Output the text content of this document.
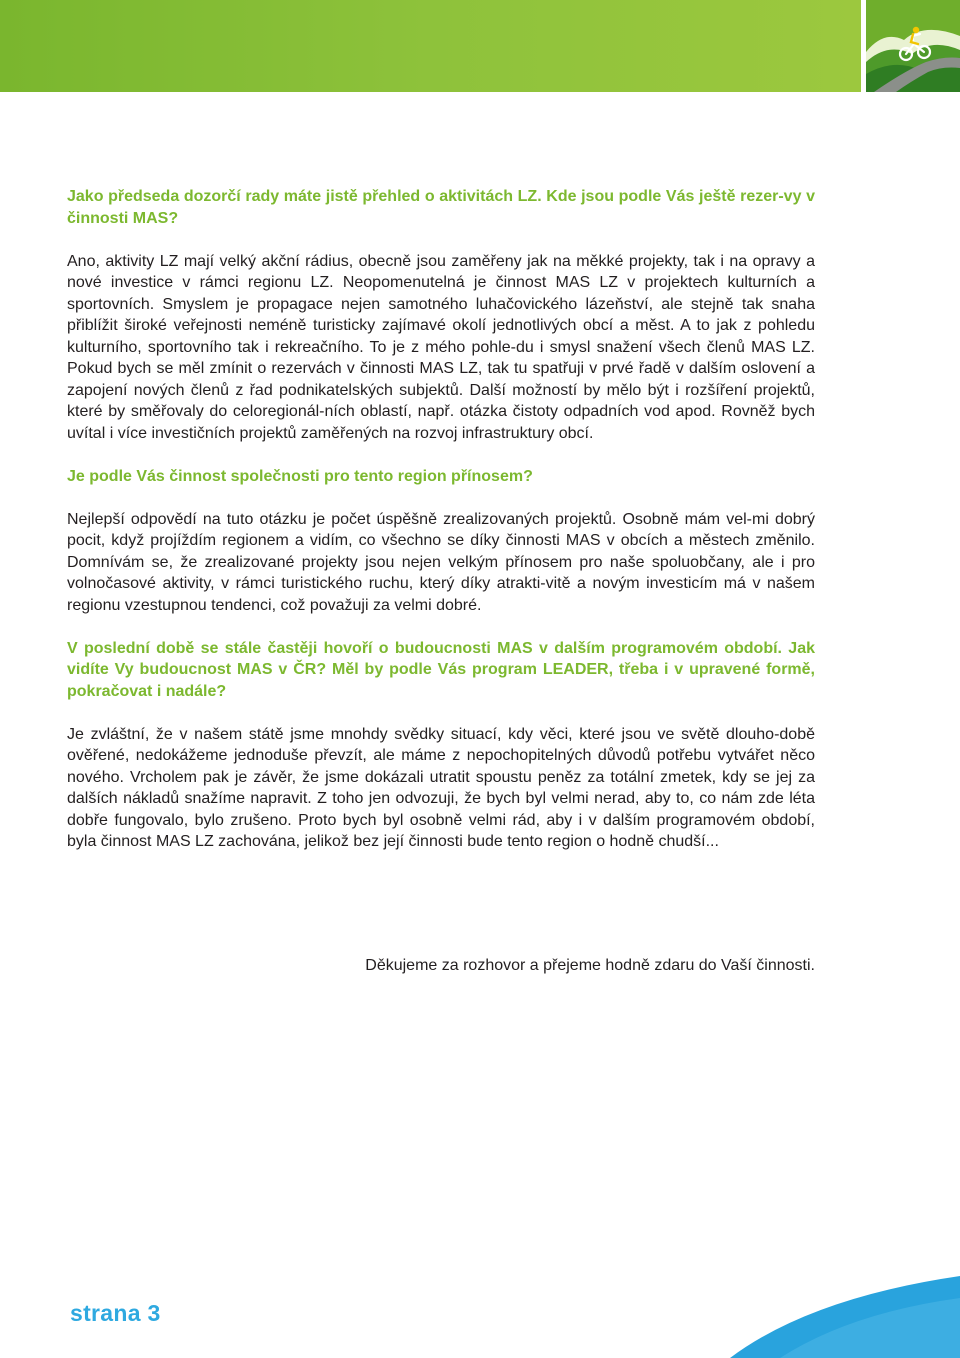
Jako předseda dozorčí rady máte jistě přehled o aktivitách LZ. Kde jsou podle Vás ještě rezer-vy v činnosti MAS?

Ano, aktivity LZ mají velký akční rádius, obecně jsou zaměřeny jak na měkké projekty, tak i na opravy a nové investice v rámci regionu LZ. Neopomenutelná je činnost MAS LZ v projektech kulturních a sportovních. Smyslem je propagace nejen samotného luhačovického lázeňství, ale stejně tak snaha přiblížit široké veřejnosti neméně turisticky zajímavé okolí jednotlivých obcí a měst. A to jak z pohledu kulturního, sportovního tak i rekreačního. To je z mého pohle-du i smysl snažení všech členů MAS LZ. Pokud bych se měl zmínit o rezervách v činnosti MAS LZ, tak tu spatřuji v prvé řadě v dalším oslovení a zapojení nových členů z řad podnikatelských subjektů. Další možností by mělo být i rozšíření projektů, které by směřovaly do celoregionál-ních oblastí, např. otázka čistoty odpadních vod apod. Rovněž bych uvítal i více investičních projektů zaměřených na rozvoj infrastruktury obcí.

Je podle Vás činnost společnosti pro tento region přínosem?

Nejlepší odpovědí na tuto otázku je počet úspěšně zrealizovaných projektů. Osobně mám vel-mi dobrý pocit, když projíždím regionem a vidím, co všechno se díky činnosti MAS v obcích a městech změnilo. Domnívám se, že zrealizované projekty jsou nejen velkým přínosem pro naše spoluobčany, ale i pro volnočasové aktivity, v rámci turistického ruchu, který díky atrakti-vitě a novým investicím má v našem regionu vzestupnou tendenci, což považuji za velmi dobré.

V poslední době se stále častěji hovoří o budoucnosti MAS v dalším programovém období. Jak vidíte Vy budoucnost MAS v ČR? Měl by podle Vás program LEADER, třeba i v upravené formě, pokračovat i nadále?

Je zvláštní, že v našem státě jsme mnohdy svědky situací, kdy věci, které jsou ve světě dlouho-době ověřené, nedokážeme jednoduše převzít, ale máme z nepochopitelných důvodů potřebu vytvářet něco nového. Vrcholem pak je závěr, že jsme dokázali utratit spoustu peněz za totální zmetek, kdy se jej za dalších nákladů snažíme napravit. Z toho jen odvozuji, že bych byl velmi nerad, aby to, co nám zde léta dobře fungovalo, bylo zrušeno. Proto bych byl osobně velmi rád, aby i v dalším programovém období, byla činnost MAS LZ zachována, jelikož bez její činnosti bude tento region o hodně chudší...

Děkujeme za rozhovor a přejeme hodně zdaru do Vaší činnosti.
strana 3
